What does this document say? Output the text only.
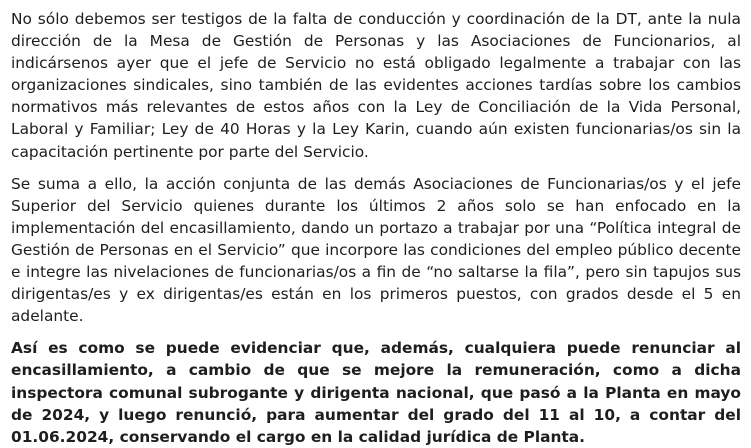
No sólo debemos ser testigos de la falta de conducción y coordinación de la DT, ante la nula dirección de la Mesa de Gestión de Personas y las Asociaciones de Funcionarios, al indicársenos ayer que el jefe de Servicio no está obligado legalmente a trabajar con las organizaciones sindicales, sino también de las evidentes acciones tardías sobre los cambios normativos más relevantes de estos años con la Ley de Conciliación de la Vida Personal, Laboral y Familiar; Ley de 40 Horas y la Ley Karin, cuando aún existen funcionarias/os sin la capacitación pertinente por parte del Servicio.

Se suma a ello, la acción conjunta de las demás Asociaciones de Funcionarias/os y el jefe Superior del Servicio quienes durante los últimos 2 años solo se han enfocado en la implementación del encasillamiento, dando un portazo a trabajar por una “Política integral de Gestión de Personas en el Servicio” que incorpore las condiciones del empleo público decente e integre las nivelaciones de funcionarias/os a fin de “no saltarse la fila”, pero sin tapujos sus dirigentas/es y ex dirigentas/es están en los primeros puestos, con grados desde el 5 en adelante.

Así es como se puede evidenciar que, además, cualquiera puede renunciar al encasillamiento, a cambio de que se mejore la remuneración, como a dicha inspectora comunal subrogante y dirigenta nacional, que pasó a la Planta en mayo de 2024, y luego renunció, para aumentar del grado del 11 al 10, a contar del 01.06.2024, conservando el cargo en la calidad jurídica de Planta.
